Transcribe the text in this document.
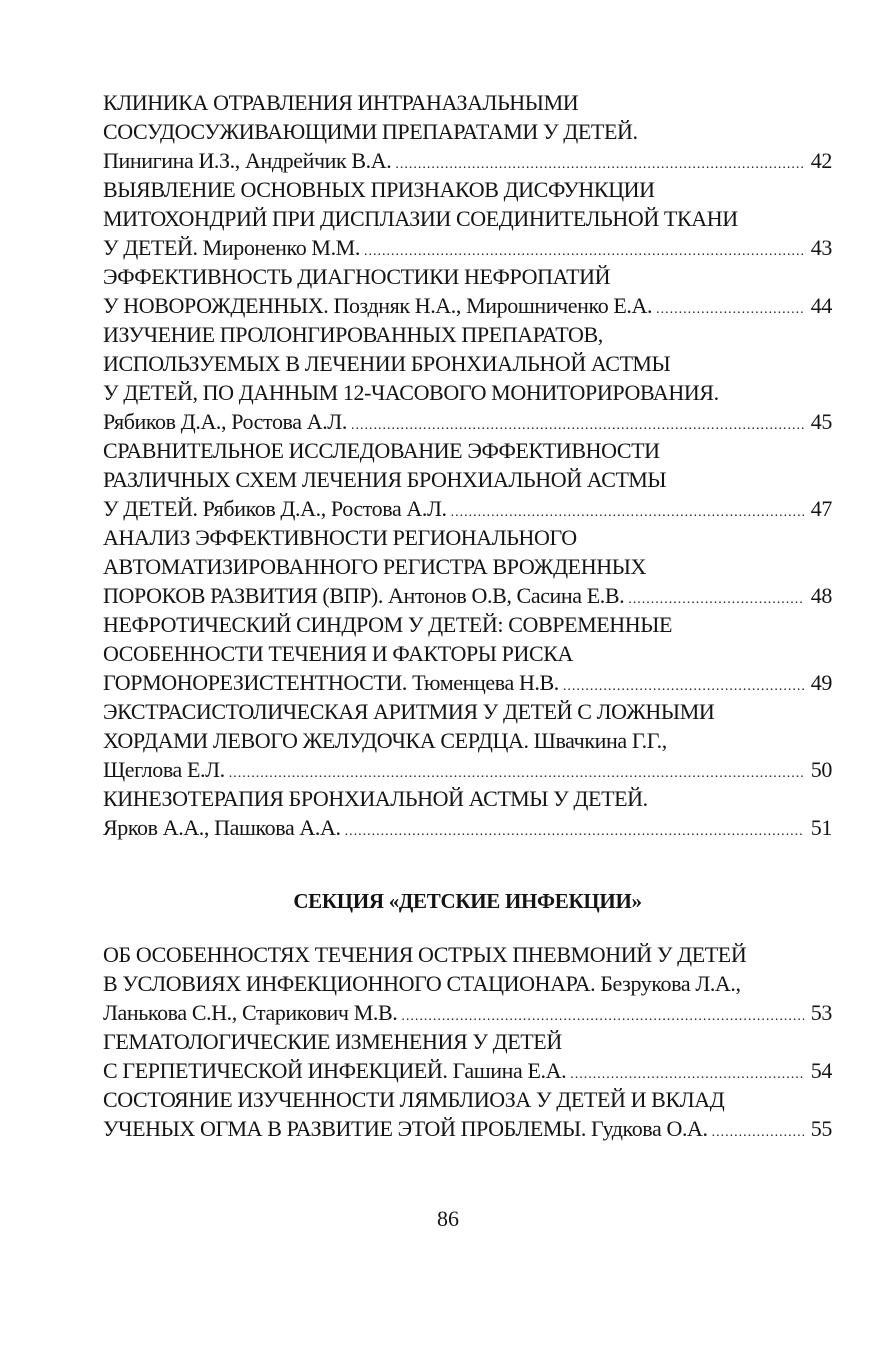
КЛИНИКА ОТРАВЛЕНИЯ ИНТРАНАЗАЛЬНЫМИ
СОСУДОСУЖИВАЮЩИМИ ПРЕПАРАТАМИ У ДЕТЕЙ.
Пинигина И.З., Андрейчик В.А. .....	42
ВЫЯВЛЕНИЕ ОСНОВНЫХ ПРИЗНАКОВ ДИСФУНКЦИИ
МИТОХОНДРИЙ ПРИ ДИСПЛАЗИИ СОЕДИНИТЕЛЬНОЙ ТКАНИ
У ДЕТЕЙ. Мироненко М.М. .....	43
ЭФФЕКТИВНОСТЬ ДИАГНОСТИКИ НЕФРОПАТИЙ
У НОВОРОЖДЕННЫХ. Поздняк Н.А., Мирошниченко Е.А. .....	44
ИЗУЧЕНИЕ ПРОЛОНГИРОВАННЫХ ПРЕПАРАТОВ,
ИСПОЛЬЗУЕМЫХ В ЛЕЧЕНИИ БРОНХИАЛЬНОЙ АСТМЫ
У ДЕТЕЙ, ПО ДАННЫМ 12-ЧАСОВОГО МОНИТОРИРОВАНИЯ.
Рябиков Д.А., Ростова А.Л. .....	45
СРАВНИТЕЛЬНОЕ ИССЛЕДОВАНИЕ ЭФФЕКТИВНОСТИ
РАЗЛИЧНЫХ СХЕМ ЛЕЧЕНИЯ БРОНХИАЛЬНОЙ АСТМЫ
У ДЕТЕЙ. Рябиков Д.А., Ростова А.Л. .....	47
АНАЛИЗ ЭФФЕКТИВНОСТИ РЕГИОНАЛЬНОГО
АВТОМАТИЗИРОВАННОГО РЕГИСТРА ВРОЖДЕННЫХ
ПОРОКОВ РАЗВИТИЯ (ВПР). Антонов О.В, Сасина Е.В. .....	48
НЕФРОТИЧЕСКИЙ СИНДРОМ У ДЕТЕЙ: СОВРЕМЕННЫЕ
ОСОБЕННОСТИ ТЕЧЕНИЯ И ФАКТОРЫ РИСКА
ГОРМОНОРЕЗИСТЕНТНОСТИ. Тюменцева Н.В. .....	49
ЭКСТРАСИСТОЛИЧЕСКАЯ АРИТМИЯ У ДЕТЕЙ С ЛОЖНЫМИ
ХОРДАМИ ЛЕВОГО ЖЕЛУДОЧКА СЕРДЦА. Швачкина Г.Г.,
Щеглова Е.Л. .....	50
КИНЕЗОТЕРАПИЯ БРОНХИАЛЬНОЙ АСТМЫ У ДЕТЕЙ.
Ярков А.А., Пашкова А.А. .....	51
СЕКЦИЯ «ДЕТСКИЕ ИНФЕКЦИИ»
ОБ ОСОБЕННОСТЯХ ТЕЧЕНИЯ ОСТРЫХ ПНЕВМОНИЙ У ДЕТЕЙ
В УСЛОВИЯХ ИНФЕКЦИОННОГО СТАЦИОНАРА. Безрукова Л.А.,
Ланькова С.Н., Старикович М.В. .....	53
ГЕМАТОЛОГИЧЕСКИЕ ИЗМЕНЕНИЯ У ДЕТЕЙ
С ГЕРПЕТИЧЕСКОЙ ИНФЕКЦИЕЙ. Гашина Е.А. .....	54
СОСТОЯНИЕ ИЗУЧЕННОСТИ ЛЯМБЛИОЗА У ДЕТЕЙ И ВКЛАД
УЧЕНЫХ ОГМА В РАЗВИТИЕ ЭТОЙ ПРОБЛЕМЫ. Гудкова О.А. .....	55
86
